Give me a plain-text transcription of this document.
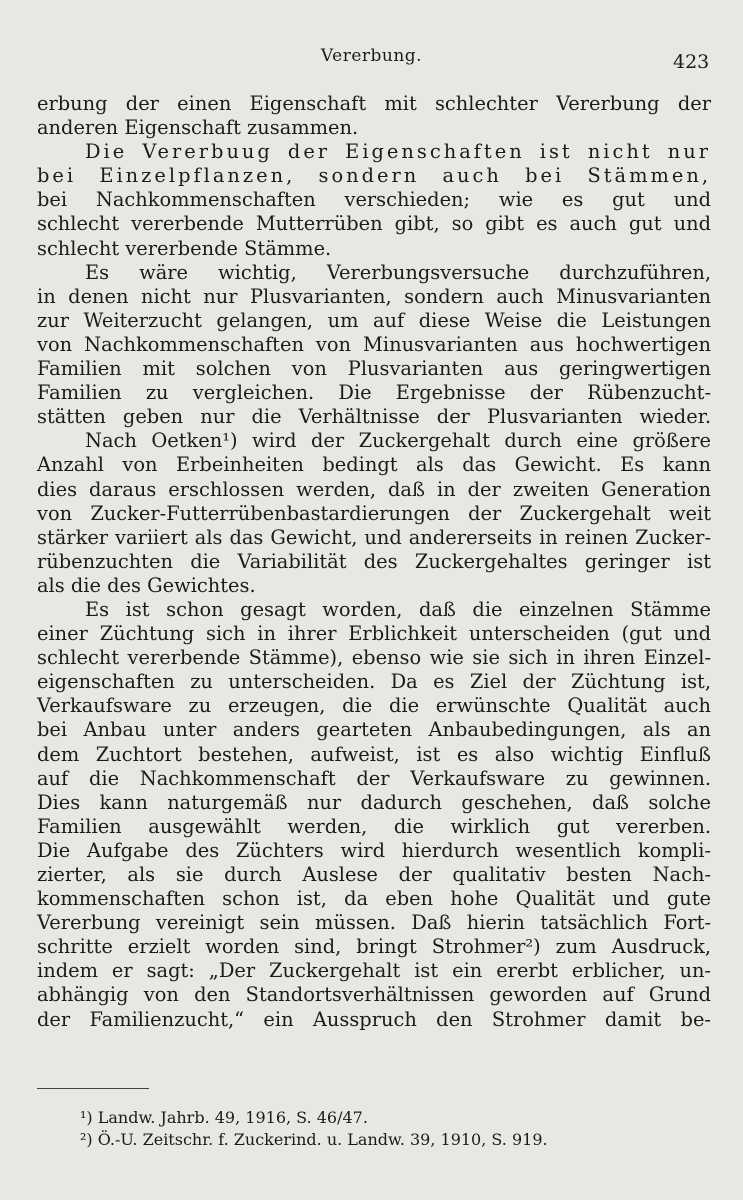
Vererbung.	423
erbung der einen Eigenschaft mit schlechter Vererbung der
anderen Eigenschaft zusammen.
Die Vererbuug der Eigenschaften ist nicht nur
bei Einzelpflanzen, sondern auch bei Stämmen,
bei Nachkommenschaften verschieden; wie es gut und
schlecht vererbende Mutterrüben gibt, so gibt es auch gut und
schlecht vererbende Stämme.
Es wäre wichtig, Vererbungsversuche durchzuführen,
in denen nicht nur Plusvarianten, sondern auch Minusvarianten
zur Weiterzucht gelangen, um auf diese Weise die Leistungen
von Nachkommenschaften von Minusvarianten aus hochwertigen
Familien mit solchen von Plusvarianten aus geringwertigen
Familien zu vergleichen. Die Ergebnisse der Rübenzucht-
stätten geben nur die Verhältnisse der Plusvarianten wieder.
Nach Oetken¹) wird der Zuckergehalt durch eine größere
Anzahl von Erbeinheiten bedingt als das Gewicht. Es kann
dies daraus erschlossen werden, daß in der zweiten Generation
von Zucker-Futterrübenbastardierungen der Zuckergehalt weit
stärker variiert als das Gewicht, und andererseits in reinen Zucker-
rübenzuchten die Variabilität des Zuckergehaltes geringer ist
als die des Gewichtes.
Es ist schon gesagt worden, daß die einzelnen Stämme
einer Züchtung sich in ihrer Erblichkeit unterscheiden (gut und
schlecht vererbende Stämme), ebenso wie sie sich in ihren Einzel-
eigenschaften zu unterscheiden. Da es Ziel der Züchtung ist,
Verkaufsware zu erzeugen, die die erwünschte Qualität auch
bei Anbau unter anders gearteten Anbaubedingungen, als an
dem Zuchtort bestehen, aufweist, ist es also wichtig Einfluß
auf die Nachkommenschaft der Verkaufsware zu gewinnen.
Dies kann naturgemäß nur dadurch geschehen, daß solche
Familien ausgewählt werden, die wirklich gut vererben.
Die Aufgabe des Züchters wird hierdurch wesentlich kompli-
zierter, als sie durch Auslese der qualitativ besten Nach-
kommenschaften schon ist, da eben hohe Qualität und gute
Vererbung vereinigt sein müssen. Daß hierin tatsächlich Fort-
schritte erzielt worden sind, bringt Strohmer²) zum Ausdruck,
indem er sagt: „Der Zuckergehalt ist ein ererbt erblicher, un-
abhängig von den Standortsverhältnissen geworden auf Grund
der Familienzucht,“ ein Ausspruch den Strohmer damit be-
¹) Landw. Jahrb. 49, 1916, S. 46/47.
²) Ö.-U. Zeitschr. f. Zuckerind. u. Landw. 39, 1910, S. 919.
